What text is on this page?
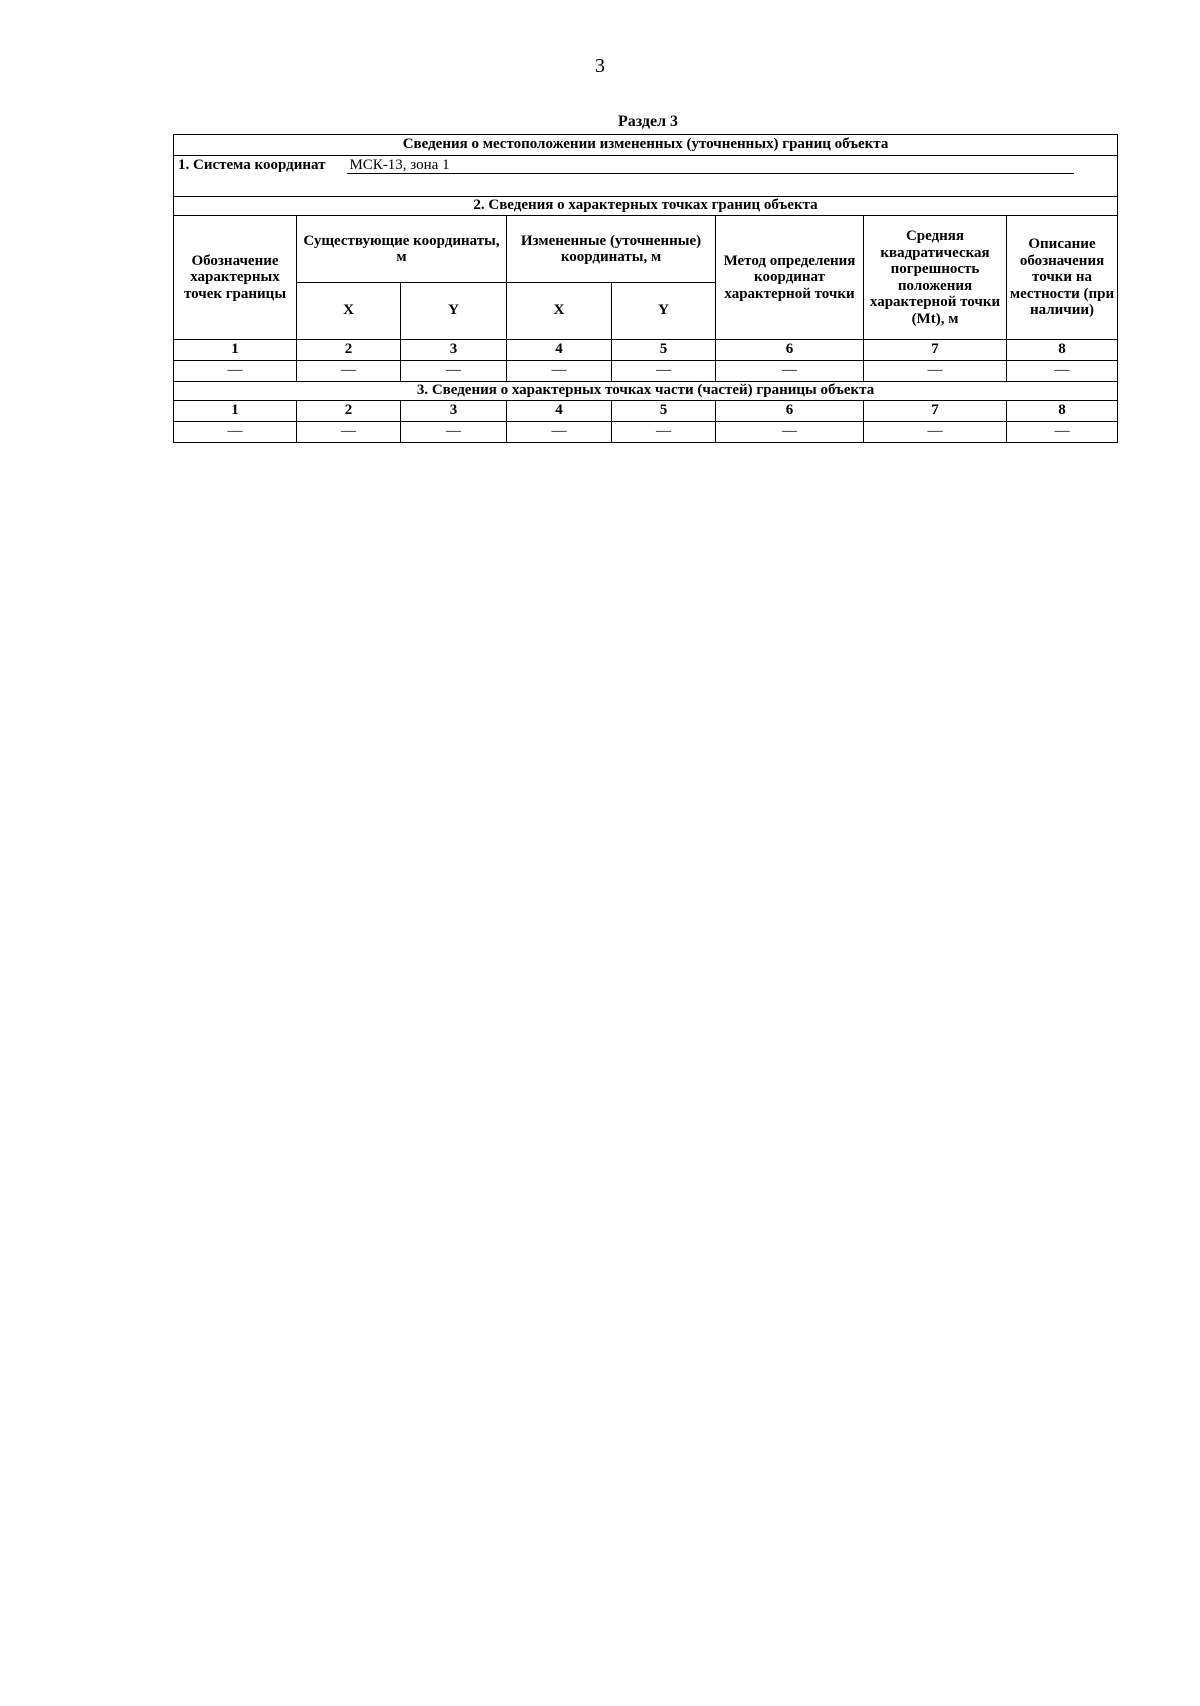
3
Раздел 3
Сведения о местоположении измененных (уточненных) границ объекта							
1. Система координат МСК-13, зона 1							

2. Сведения о характерных точках границ объекта							

Обозначение характерных точек границы	Существующие координаты, м		Измененные (уточненные) координаты, м		Метод определения координат характерной точки	Средняя квадратическая погрешность положения характерной точки (Mt), м	Описание обозначения точки на местности (при наличии)

	X	Y	X	Y			
1	2	3	4	5	6	7	8
—	—	—	—	—	—	—	—
3. Сведения о характерных точках части (частей) границы объекта							
1	2	3	4	5	6	7	8
—	—	—	—	—	—	—	—
